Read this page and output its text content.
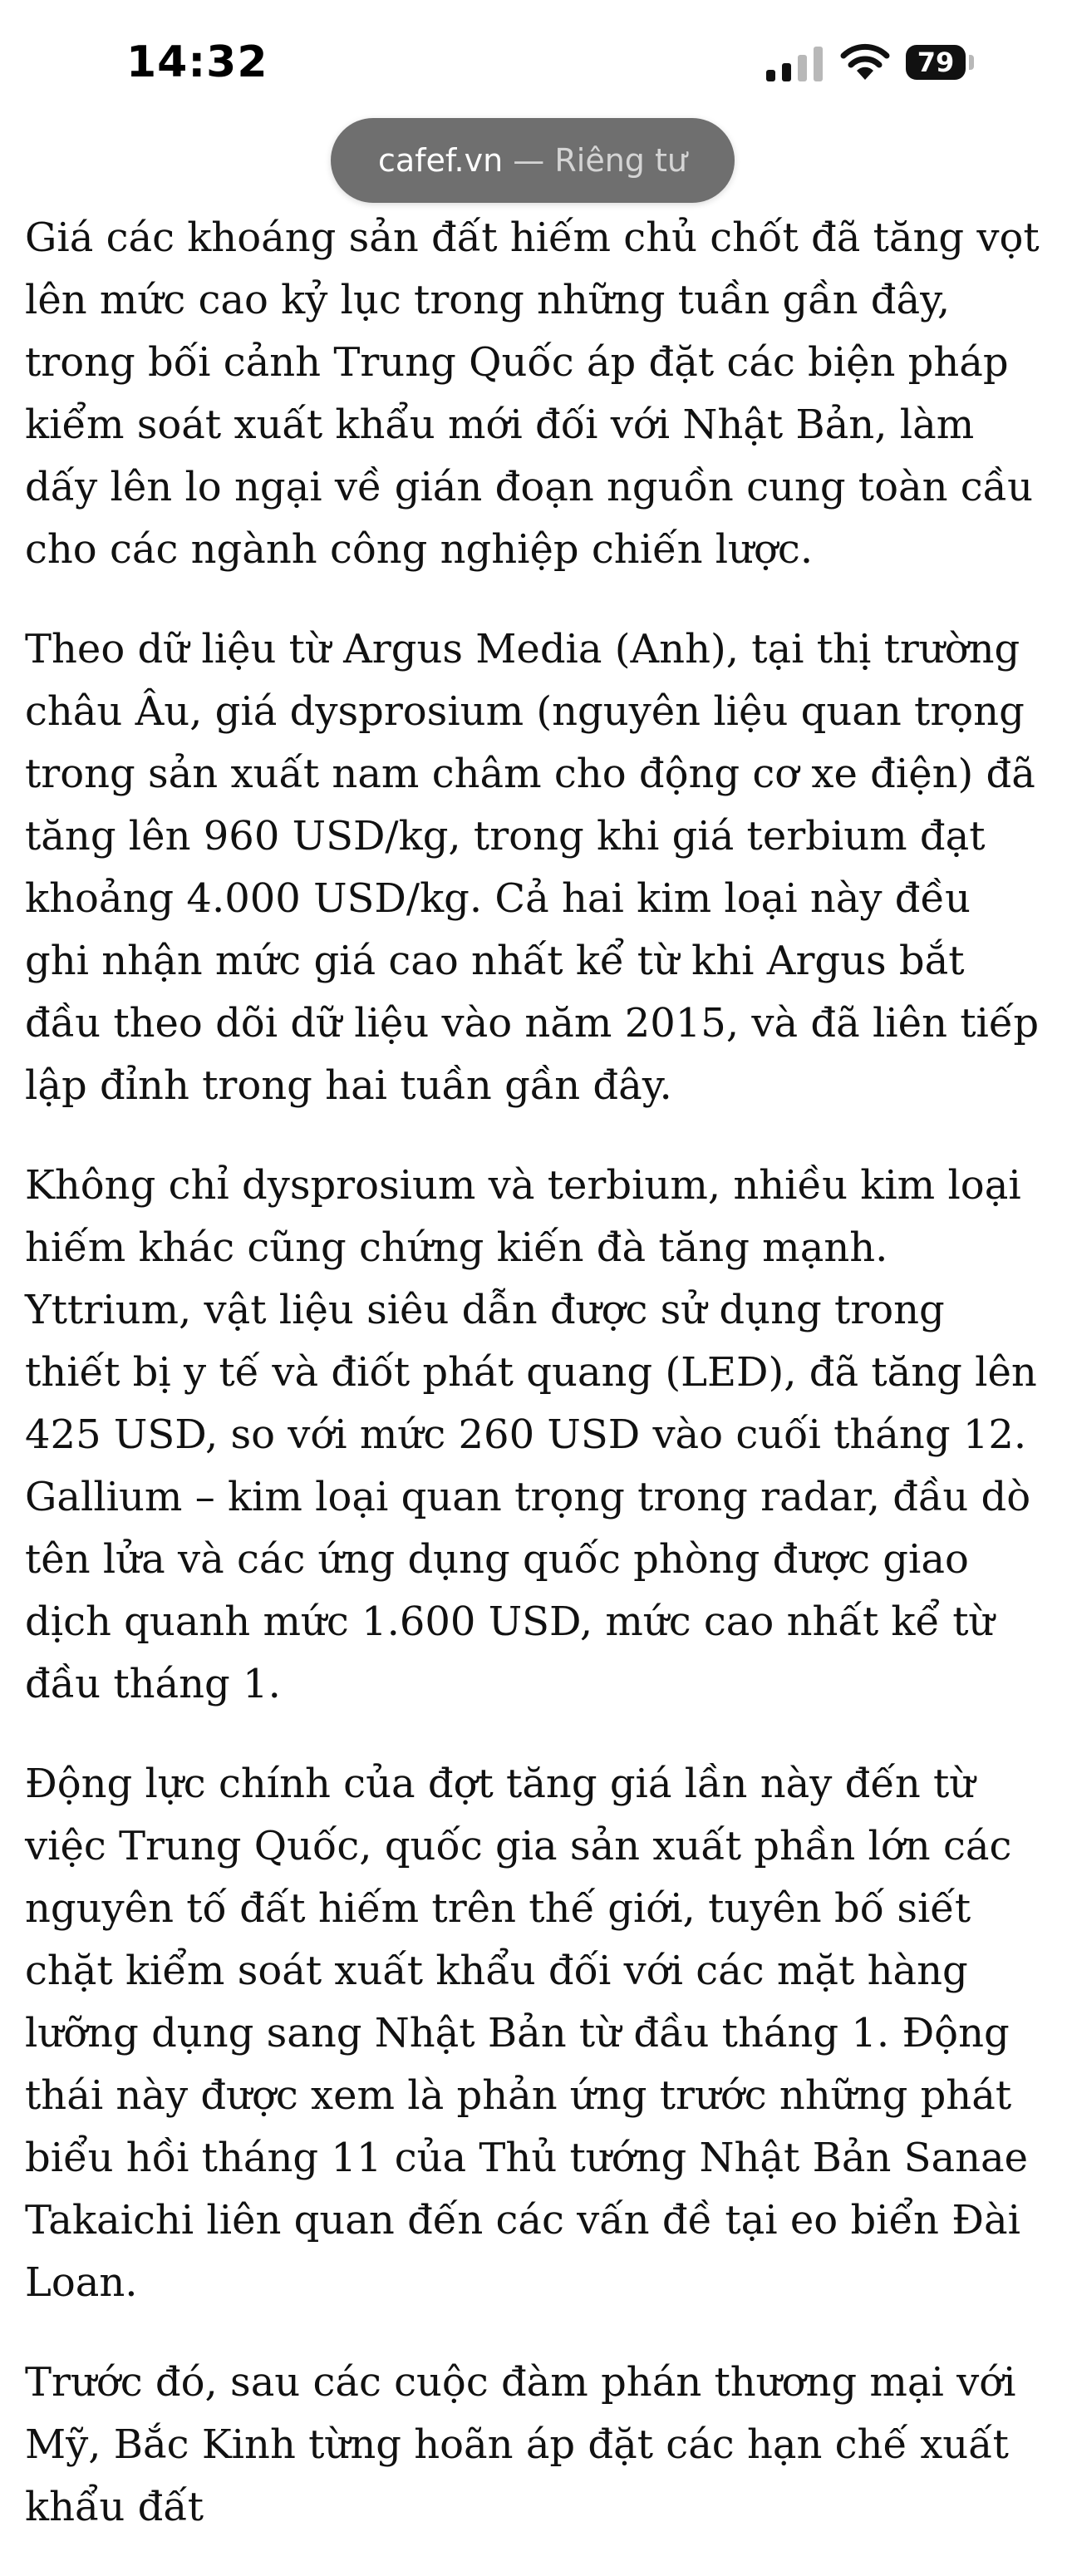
Giá các khoáng sản đất hiếm chủ chốt đã tăng vọt lên mức cao kỷ lục trong những tuần gần đây, trong bối cảnh Trung Quốc áp đặt các biện pháp kiểm soát xuất khẩu mới đối với Nhật Bản, làm dấy lên lo ngại về gián đoạn nguồn cung toàn cầu cho các ngành công nghiệp chiến lược.

Theo dữ liệu từ Argus Media (Anh), tại thị trường châu Âu, giá dysprosium (nguyên liệu quan trọng trong sản xuất nam châm cho động cơ xe điện) đã tăng lên 960 USD/kg, trong khi giá terbium đạt khoảng 4.000 USD/kg. Cả hai kim loại này đều ghi nhận mức giá cao nhất kể từ khi Argus bắt đầu theo dõi dữ liệu vào năm 2015, và đã liên tiếp lập đỉnh trong hai tuần gần đây.

Không chỉ dysprosium và terbium, nhiều kim loại hiếm khác cũng chứng kiến đà tăng mạnh. Yttrium, vật liệu siêu dẫn được sử dụng trong thiết bị y tế và điốt phát quang (LED), đã tăng lên 425 USD, so với mức 260 USD vào cuối tháng 12. Gallium – kim loại quan trọng trong radar, đầu dò tên lửa và các ứng dụng quốc phòng được giao dịch quanh mức 1.600 USD, mức cao nhất kể từ đầu tháng 1.

Động lực chính của đợt tăng giá lần này đến từ việc Trung Quốc, quốc gia sản xuất phần lớn các nguyên tố đất hiếm trên thế giới, tuyên bố siết chặt kiểm soát xuất khẩu đối với các mặt hàng lưỡng dụng sang Nhật Bản từ đầu tháng 1. Động thái này được xem là phản ứng trước những phát biểu hồi tháng 11 của Thủ tướng Nhật Bản Sanae Takaichi liên quan đến các vấn đề tại eo biển Đài Loan.

Trước đó, sau các cuộc đàm phán thương mại với Mỹ, Bắc Kinh từng hoãn áp đặt các hạn chế xuất khẩu đất

14:32	79
cafef.vn — Riêng tư
